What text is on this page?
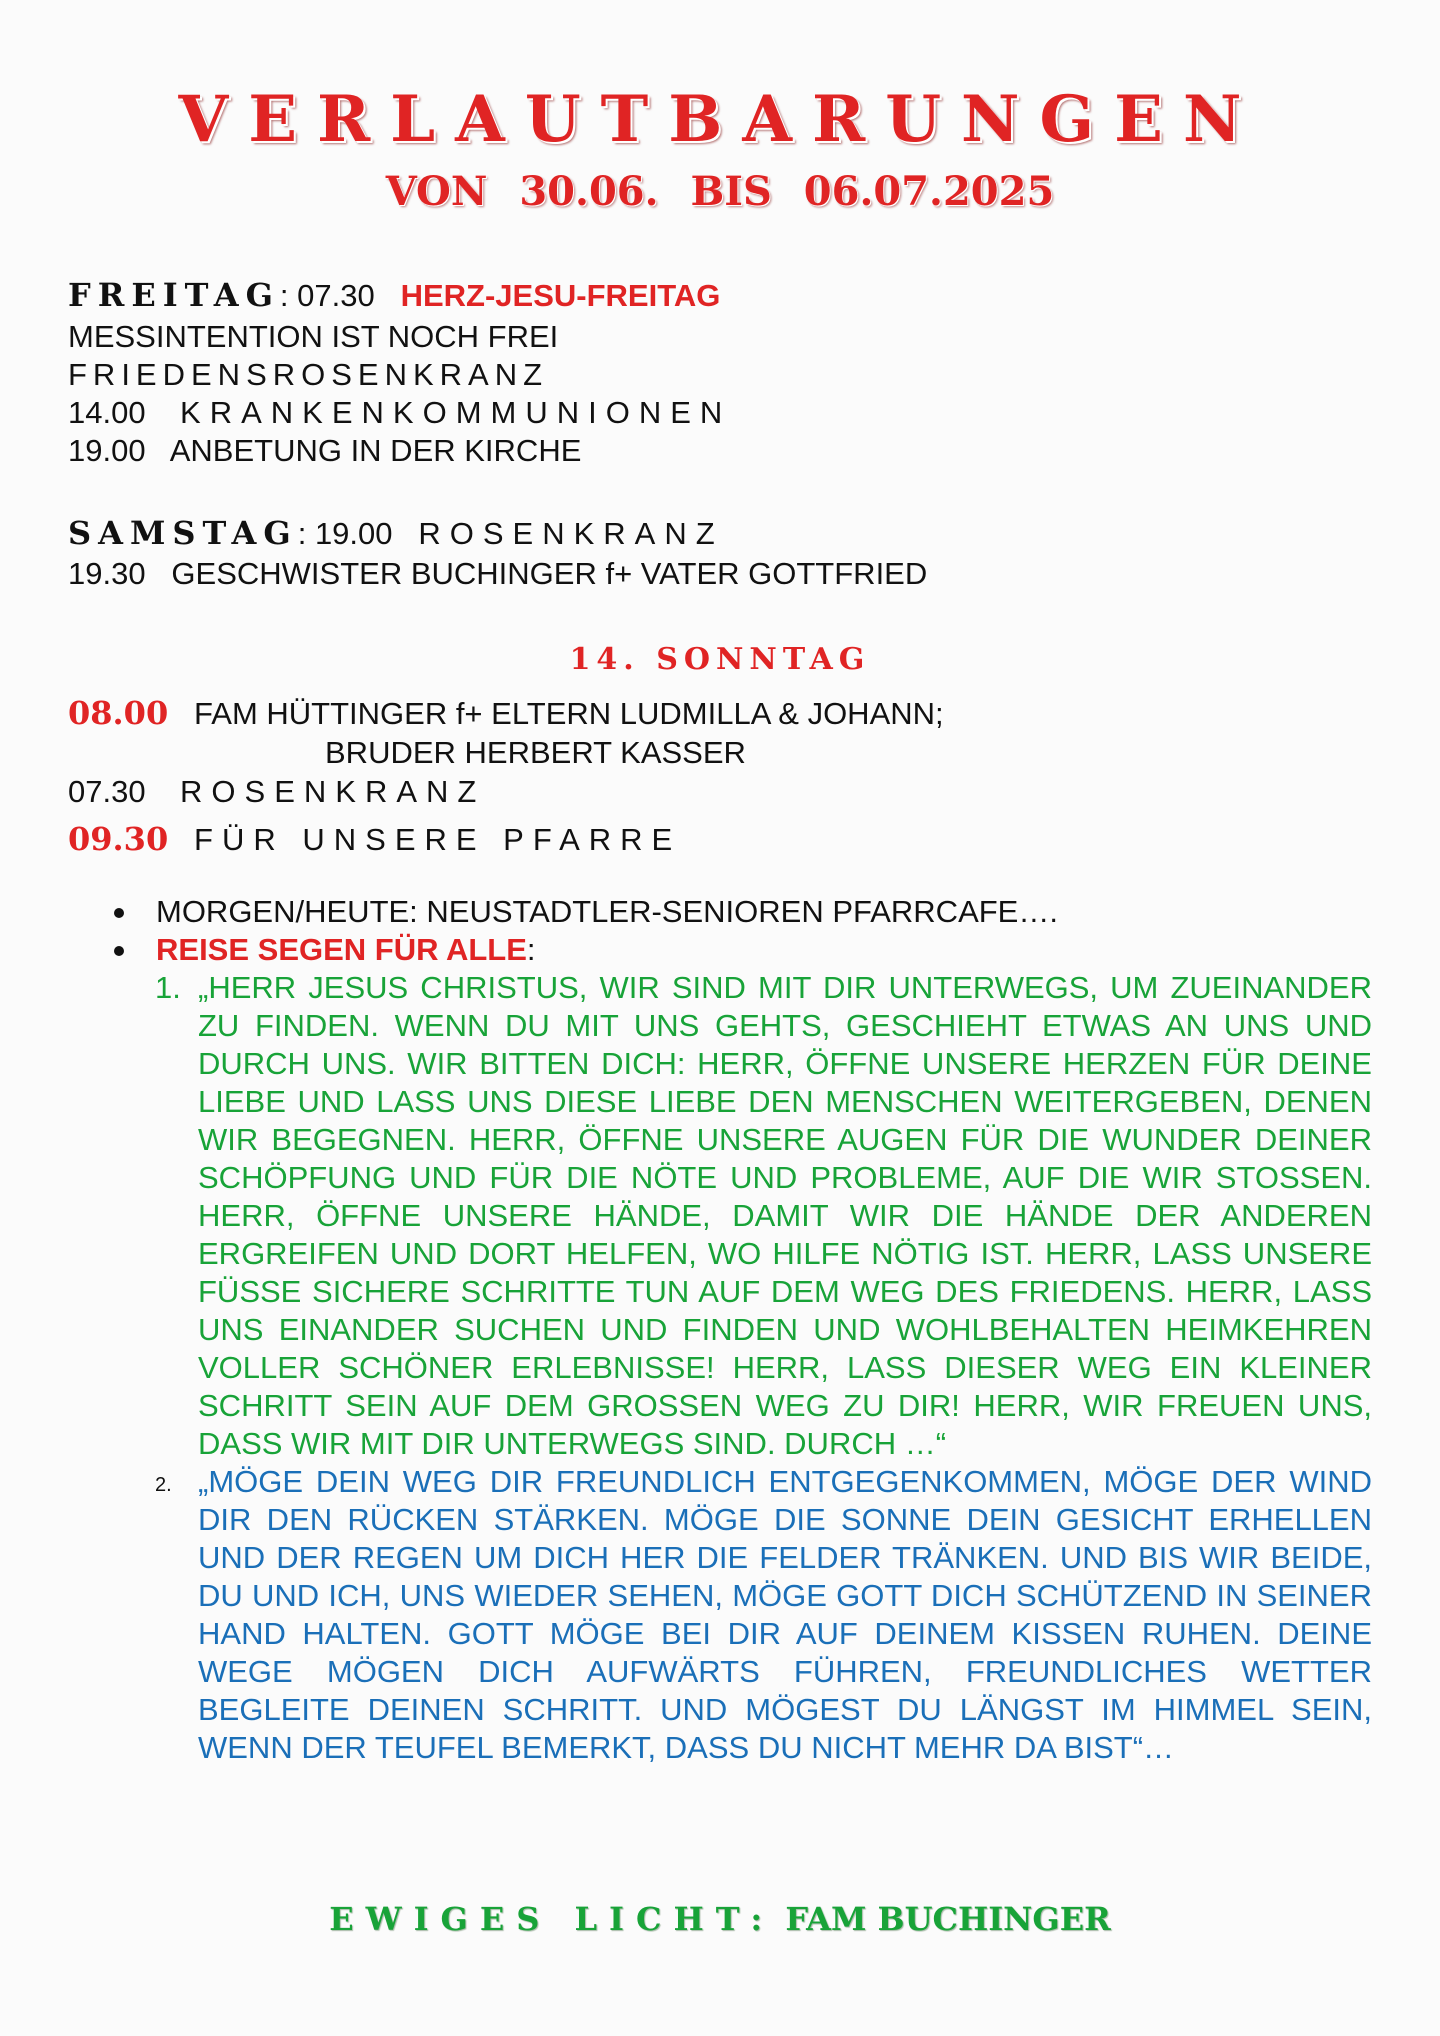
VERLAUTBARUNGEN
VON 30.06. BIS 06.07.2025
FREITAG: 07.30 HERZ-JESU-FREITAG
MESSINTENTION IST NOCH FREI
FRIEDENSROSENKRANZ
14.00 KRANKENKOMMUNIONEN
19.00 ANBETUNG IN DER KIRCHE
SAMSTAG: 19.00 ROSENKRANZ
19.30 GESCHWISTER BUCHINGER f+ VATER GOTTFRIED
14. SONNTAG
08.00 FAM HÜTTINGER f+ ELTERN LUDMILLA & JOHANN;
BRUDER HERBERT KASSER
07.30 ROSENKRANZ
09.30 FÜR UNSERE PFARRE
MORGEN/HEUTE: NEUSTADTLER-SENIOREN PFARRCAFE….
REISE SEGEN FÜR ALLE:
1. „HERR JESUS CHRISTUS, WIR SIND MIT DIR UNTERWEGS, UM ZUEINANDER ZU FINDEN. WENN DU MIT UNS GEHTS, GESCHIEHT ETWAS AN UNS UND DURCH UNS. WIR BITTEN DICH: HERR, ÖFFNE UNSERE HERZEN FÜR DEINE LIEBE UND LASS UNS DIESE LIEBE DEN MENSCHEN WEITERGEBEN, DENEN WIR BEGEGNEN. HERR, ÖFFNE UNSERE AUGEN FÜR DIE WUNDER DEINER SCHÖPFUNG UND FÜR DIE NÖTE UND PROBLEME, AUF DIE WIR STOSSEN. HERR, ÖFFNE UNSERE HÄNDE, DAMIT WIR DIE HÄNDE DER ANDEREN ERGREIFEN UND DORT HELFEN, WO HILFE NÖTIG IST. HERR, LASS UNSERE FÜSSE SICHERE SCHRITTE TUN AUF DEM WEG DES FRIEDENS. HERR, LASS UNS EINANDER SUCHEN UND FINDEN UND WOHLBEHALTEN HEIMKEHREN VOLLER SCHÖNER ERLEBNISSE! HERR, LASS DIESER WEG EIN KLEINER SCHRITT SEIN AUF DEM GROSSEN WEG ZU DIR! HERR, WIR FREUEN UNS, DASS WIR MIT DIR UNTERWEGS SIND. DURCH …“
2. „MÖGE DEIN WEG DIR FREUNDLICH ENTGEGENKOMMEN, MÖGE DER WIND DIR DEN RÜCKEN STÄRKEN. MÖGE DIE SONNE DEIN GESICHT ERHELLEN UND DER REGEN UM DICH HER DIE FELDER TRÄNKEN. UND BIS WIR BEIDE, DU UND ICH, UNS WIEDER SEHEN, MÖGE GOTT DICH SCHÜTZEND IN SEINER HAND HALTEN. GOTT MÖGE BEI DIR AUF DEINEM KISSEN RUHEN. DEINE WEGE MÖGEN DICH AUFWÄRTS FÜHREN, FREUNDLICHES WETTER BEGLEITE DEINEN SCHRITT. UND MÖGEST DU LÄNGST IM HIMMEL SEIN, WENN DER TEUFEL BEMERKT, DASS DU NICHT MEHR DA BIST“…
EWIGES LICHT: FAM BUCHINGER
